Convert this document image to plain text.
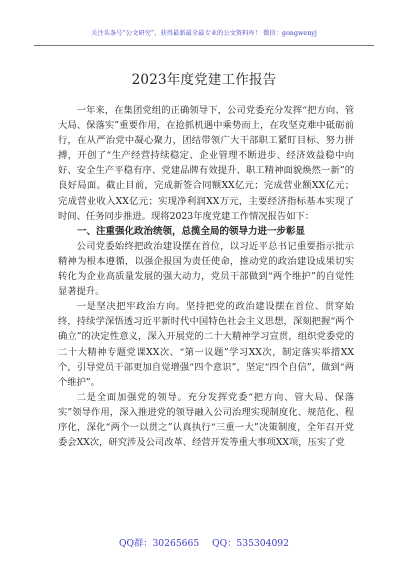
关注头条号“公文研究”，获得最新最全最专业的公文资料库！ 微信：gongwenyj
2023年度党建工作报告

一年来，在集团党组的正确领导下，公司党委充分发挥“把方向、管大局、保落实”重要作用，在抢抓机遇中乘势而上，在攻坚克难中砥砺前行，在从严治党中凝心聚力，团结带领广大干部职工紧盯目标、努力拼搏，开创了“生产经营持续稳定、企业管理不断进步、经济效益稳中向好、安全生产平稳有序、党建品牌有效提升、职工精神面貌焕然一新”的良好局面。截止目前，完成新签合同额XX亿元；完成营业额XX亿元；完成营业收入XX亿元；实现净利润XX万元，主要经济指标基本实现了时间、任务同步推进。现将2023年度党建工作情况报告如下：

一、注重强化政治统领，总揽全局的领导力进一步彰显

公司党委始终把政治建设摆在首位，以习近平总书记重要指示批示精神为根本遵循，以强企报国为责任使命，推动党的政治建设成果切实转化为企业高质量发展的强大动力，党员干部做到“两个维护”的自觉性显著提升。

一是坚决把牢政治方向。坚持把党的政治建设摆在首位、贯穿始终，持续学深悟透习近平新时代中国特色社会主义思想，深刻把握“两个确立”的决定性意义，深入开展党的二十大精神学习宣贯，组织党委党的二十大精神专题党课XX次、“第一议题”学习XX次，制定落实举措XX个，引导党员干部更加自觉增强“四个意识”，坚定“四个自信”，做到“两个维护”。

二是全面加强党的领导。充分发挥党委“把方向、管大局、保落实”领导作用，深入推进党的领导融入公司治理实现制度化、规范化、程序化，深化“两个一以贯之”认真执行“三重一大”决策制度，全年召开党委会XX次，研究涉及公司改革、经营开发等重大事项XX项，压实了党

QQ群：30265665 QQ：535304092
